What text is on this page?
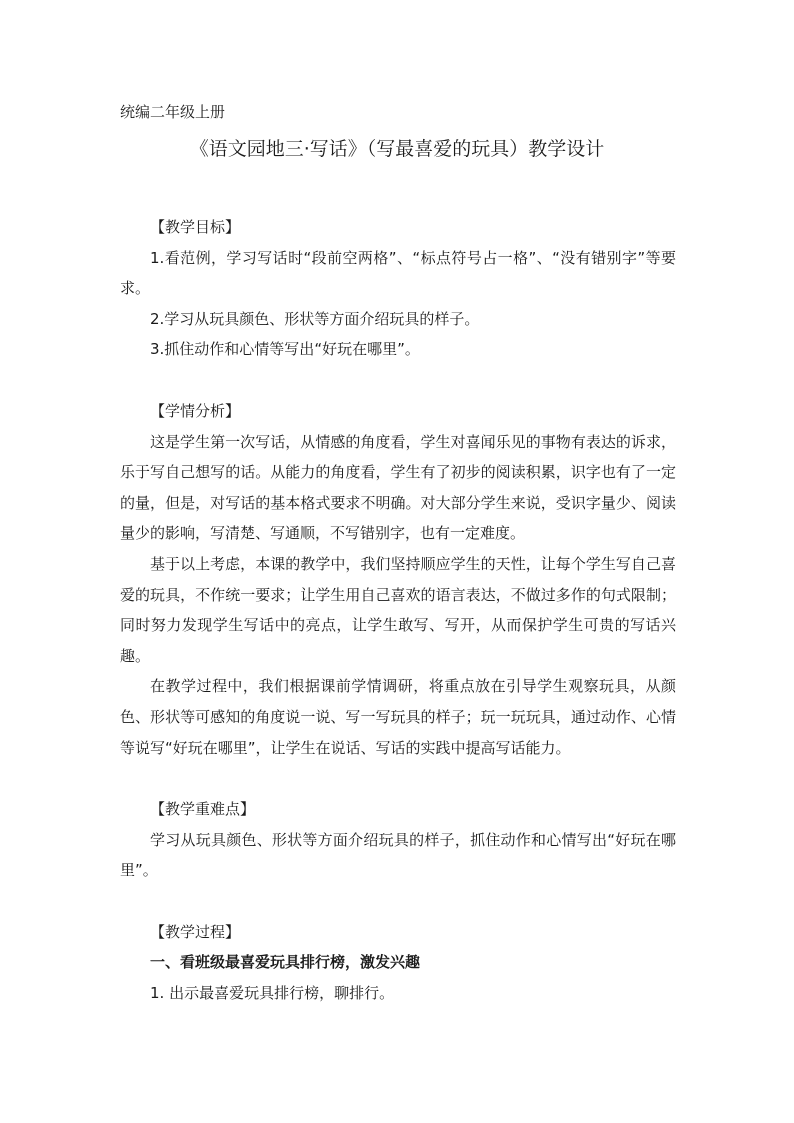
统编二年级上册
《语文园地三·写话》（写最喜爱的玩具）教学设计

【教学目标】

1.看范例，学习写话时“段前空两格”、“标点符号占一格”、“没有错别字”等要求。

2.学习从玩具颜色、形状等方面介绍玩具的样子。

3.抓住动作和心情等写出“好玩在哪里”。

【学情分析】

这是学生第一次写话，从情感的角度看，学生对喜闻乐见的事物有表达的诉求，乐于写自己想写的话。从能力的角度看，学生有了初步的阅读积累，识字也有了一定的量，但是，对写话的基本格式要求不明确。对大部分学生来说，受识字量少、阅读量少的影响，写清楚、写通顺，不写错别字，也有一定难度。

基于以上考虑，本课的教学中，我们坚持顺应学生的天性，让每个学生写自己喜爱的玩具，不作统一要求；让学生用自己喜欢的语言表达，不做过多作的句式限制；同时努力发现学生写话中的亮点，让学生敢写、写开，从而保护学生可贵的写话兴趣。

在教学过程中，我们根据课前学情调研，将重点放在引导学生观察玩具，从颜色、形状等可感知的角度说一说、写一写玩具的样子；玩一玩玩具，通过动作、心情等说写“好玩在哪里”，让学生在说话、写话的实践中提高写话能力。

【教学重难点】

学习从玩具颜色、形状等方面介绍玩具的样子，抓住动作和心情写出“好玩在哪里”。

【教学过程】

一、看班级最喜爱玩具排行榜，激发兴趣

1. 出示最喜爱玩具排行榜，聊排行。
